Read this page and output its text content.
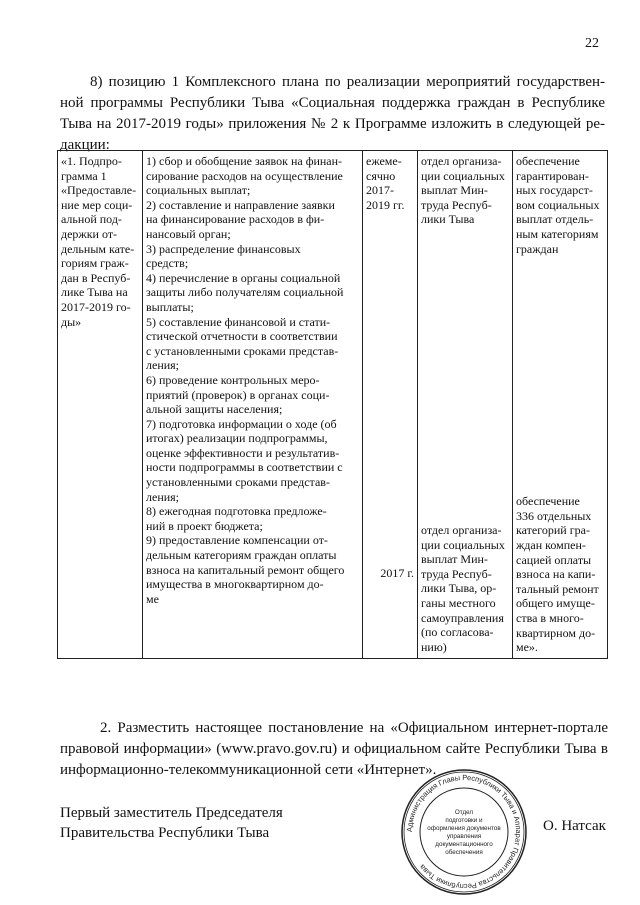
22

8) позицию 1 Комплексного плана по реализации мероприятий государствен-
ной программы Республики Тыва «Социальная поддержка граждан в Республике
Тыва на 2017-2019 годы» приложения № 2 к Программе изложить в следующей ре-
дакции:

«1. Подпро-
грамма 1
«Предоставле-
ние мер соци-
альной под-
держки от-
дельным кате-
гориям граж-
дан в Респуб-
лике Тыва на
2017-2019 го-
ды»

1) сбор и обобщение заявок на финан-
сирование расходов на осуществление
социальных выплат;
2) составление и направление заявки
на финансирование расходов в фи-
нансовый орган;
3) распределение финансовых
средств;
4) перечисление в органы социальной
защиты либо получателям социальной
выплаты;
5) составление финансовой и стати-
стической отчетности в соответствии
с установленными сроками представ-
ления;
6) проведение контрольных меро-
приятий (проверок) в органах соци-
альной защиты населения;
7) подготовка информации о ходе (об
итогах) реализации подпрограммы,
оценке эффективности и результатив-
ности подпрограммы в соответствии с
установленными сроками представ-
ления;
8) ежегодная подготовка предложе-
ний в проект бюджета;
9) предоставление компенсации от-
дельным категориям граждан оплаты
взноса на капитальный ремонт общего
имущества в многоквартирном до-
ме

ежеме-
сячно
2017-
2019 гг.
2017 г.

отдел организа-
ции социальных
выплат Мин-
труда Респуб-
лики Тыва
отдел организа-
ции социальных
выплат Мин-
труда Респуб-
лики Тыва, ор-
ганы местного
самоуправления
(по согласова-
нию)

обеспечение
гарантирован-
ных государст-
вом социальных
выплат отдель-
ным категориям
граждан
обеспечение
336 отдельных
категорий гра-
ждан компен-
сацией оплаты
взноса на капи-
тальный ремонт
общего имуще-
ства в много-
квартирном до-
ме».

2. Разместить настоящее постановление на «Официальном интернет-портале
правовой информации» (www.pravo.gov.ru) и официальном сайте Республики Тыва в
информационно-телекоммуникационной сети «Интернет».

Первый заместитель Председателя
Правительства Республики Тыва	Администрация Главы Республики Тыва и Аппарат Правительства Республики Тыва
Отдел
подготовки и
оформления документов
управления
документационного
обеспечения
О. Натсак
